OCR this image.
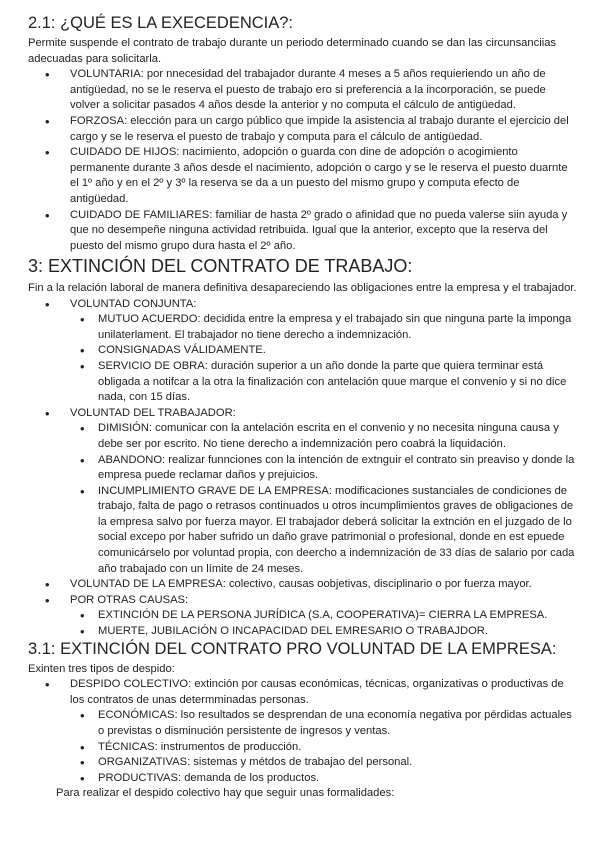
2.1: ¿QUÉ ES LA EXECEDENCIA?:

Permite suspende el contrato de trabajo durante un periodo determinado cuando se dan las circunsanciias adecuadas para solicitarla.

• VOLUNTARIA: por nnecesidad del trabajador durante 4 meses a 5 años requieriendo un año de antigüedad, no se le reserva el puesto de trabajo ero si preferencia a la incorporación, se puede volver a solicitar pasados 4 años desde la anterior y no computa el cálculo de antigüedad.
• FORZOSA: elección para un cargo público que impide la asistencia al trabajo durante el ejercicio del cargo y se le reserva el puesto de trabajo y computa para el cálculo de antigüedad.
• CUIDADO DE HIJOS: nacimiento, adopción o guarda con dine de adopción o acogimiento permanente durante 3 años desde el nacimiento, adopción o cargo y se le reserva el puesto duarnte el 1º año y en el 2º y 3º la reserva se da a un puesto del mismo grupo y computa efecto de antigüedad.
• CUIDADO DE FAMILIARES: familiar de hasta 2º grado o afinidad que no pueda valerse siin ayuda y que no desempeñe ninguna actividad retribuida. Igual que la anterior, excepto que la reserva del puesto del mismo grupo dura hasta el 2º año.
3: EXTINCIÓN DEL CONTRATO DE TRABAJO:

Fin a la relación laboral de manera definitiva desapareciendo las obligaciones entre la empresa y el trabajador.

• VOLUNTAD CONJUNTA:
• MUTUO ACUERDO: decidida entre la empresa y el trabajado sin que ninguna parte la imponga unilaterlament. El trabajador no tiene derecho a indemnización.
• CONSIGNADAS VÁLIDAMENTE.
• SERVICIO DE OBRA: duración superior a un año donde la parte que quiera terminar está obligada a notifcar a la otra la finalización con antelación quue marque el convenio y si no dice nada, con 15 días.
• VOLUNTAD DEL TRABAJADOR:
• DIMISIÓN: comunicar con la antelación escrita en el convenio y no necesita ninguna causa y debe ser por escrito. No tiene derecho a indemnización pero coabrá la liquidación.
• ABANDONO: realizar funnciones con la intención de extnguir el contrato sin preaviso y donde la empresa puede reclamar daños y prejuicios.
• INCUMPLIMIENTO GRAVE DE LA EMPRESA: modificaciones sustanciales de condiciones de trabajo, falta de pago o retrasos continuados u otros incumplimientos graves de obligaciones de la empresa salvo por fuerza mayor. El trabajador deberá solicitar la extnción en el juzgado de lo social excepo por haber sufrido un daño grave patrimonial o profesional, donde en est epuede comunicárselo por voluntad propia, con deercho a indemnización de 33 días de salario por cada año trabajado con un límite de 24 meses.
• VOLUNTAD DE LA EMPRESA: colectivo, causas oobjetivas, disciplinario o por fuerza mayor.
• POR OTRAS CAUSAS:
• EXTINCIÓN DE LA PERSONA JURÍDICA (S.A, COOPERATIVA)= CIERRA LA EMPRESA.
• MUERTE, JUBILACIÓN O INCAPACIDAD DEL EMRESARIO O TRABAJDOR.
3.1: EXTINCIÓN DEL CONTRATO PRO VOLUNTAD DE LA EMPRESA:

Exinten tres tipos de despido:

• DESPIDO COLECTIVO: extinción por causas económicas, técnicas, organizativas o productivas de los contratos de unas determminadas personas.
• ECONÓMICAS: lso resultados se desprendan de una economía negativa por pérdidas actuales o previstas o disminución persistente de ingresos y ventas.
• TÉCNICAS: instrumentos de producción.
• ORGANIZATIVAS: sistemas y métdos de trabajao del personal.
• PRODUCTIVAS: demanda de los productos.

Para realizar el despido colectivo hay que seguir unas formalidades:
